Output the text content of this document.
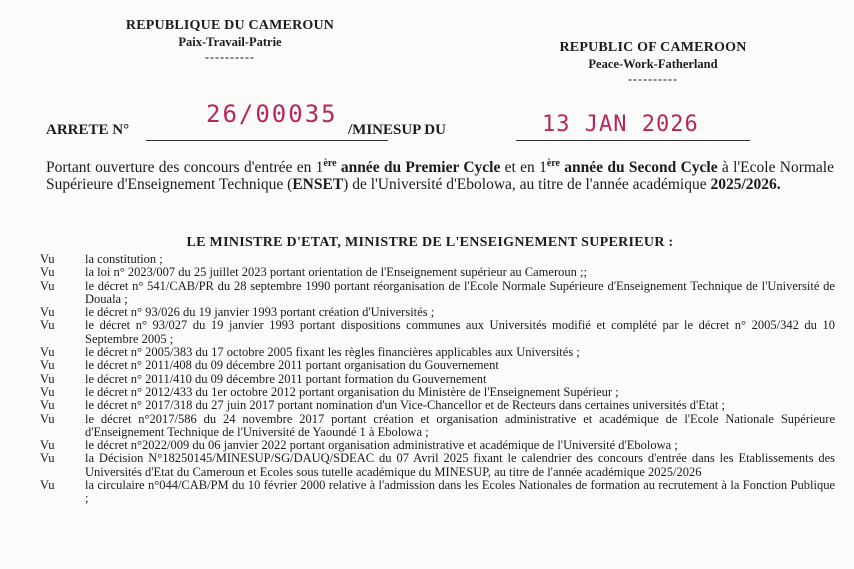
REPUBLIQUE DU CAMEROUN
Paix-Travail-Patrie
----------
REPUBLIC OF CAMEROON
Peace-Work-Fatherland
----------
ARRETE N°
26/00035
/MINESUP DU	13 JAN 2026
Portant ouverture des concours d'entrée en 1ère année du Premier Cycle et en 1ère année du Second Cycle à l'Ecole Normale Supérieure d'Enseignement Technique (ENSET) de l'Université d'Ebolowa, au titre de l'année académique 2025/2026.
LE MINISTRE D'ETAT, MINISTRE DE L'ENSEIGNEMENT SUPERIEUR :
Vu	la constitution ;
Vu	la loi n° 2023/007 du 25 juillet 2023 portant orientation de l'Enseignement supérieur au Cameroun ;;
Vu	le décret n° 541/CAB/PR du 28 septembre 1990 portant réorganisation de l'Ecole Normale Supérieure d'Enseignement Technique de l'Université de Douala ;
Vu	le décret n° 93/026 du 19 janvier 1993 portant création d'Universités ;
Vu	le décret n° 93/027 du 19 janvier 1993 portant dispositions communes aux Universités modifié et complété par le décret n° 2005/342 du 10 Septembre 2005 ;
Vu	le décret n° 2005/383 du 17 octobre 2005 fixant les règles financières applicables aux Universités ;
Vu	le décret n° 2011/408 du 09 décembre 2011 portant organisation du Gouvernement
Vu	le décret n° 2011/410 du 09 décembre 2011 portant formation du Gouvernement
Vu	le décret n° 2012/433 du 1er octobre 2012 portant organisation du Ministère de l'Enseignement Supérieur ;
Vu	le décret n° 2017/318 du 27 juin 2017 portant nomination d'un Vice-Chancellor et de Recteurs dans certaines universités d'Etat ;
Vu	le décret n°2017/586 du 24 novembre 2017 portant création et organisation administrative et académique de l'Ecole Nationale Supérieure d'Enseignement Technique de l'Université de Yaoundé 1 à Ebolowa ;
Vu	le décret n°2022/009 du 06 janvier 2022 portant organisation administrative et académique de l'Université d'Ebolowa ;
Vu	la Décision N°18250145/MINESUP/SG/DAUQ/SDEAC du 07 Avril 2025 fixant le calendrier des concours d'entrée dans les Etablissements des Universités d'Etat du Cameroun et Ecoles sous tutelle académique du MINESUP, au titre de l'année académique 2025/2026
Vu	la circulaire n°044/CAB/PM du 10 février 2000 relative à l'admission dans les Ecoles Nationales de formation au recrutement à la Fonction Publique ;
